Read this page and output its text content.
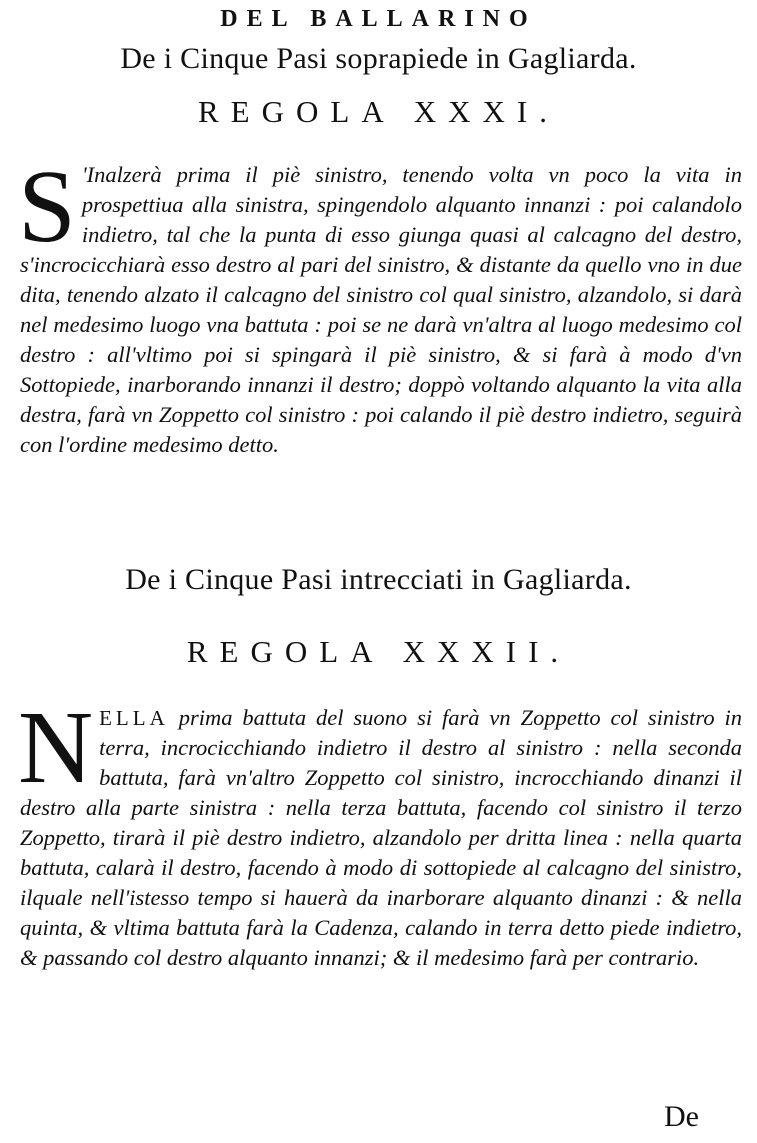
DEL BALLARINO
De i Cinque Pasi soprapiede in Gagliarda.
REGOLA XXXI.

S 'Inalzerà prima il piè sinistro, tenendo volta vn poco la vita in prospettiua alla sinistra, spingendolo alquanto innanzi : poi calandolo indietro, tal che la punta di esso giunga quasi al calcagno del destro, s'incrocicchiarà esso destro al pari del sinistro, & distante da quello vno in due dita, tenendo alzato il calcagno del sinistro col qual sinistro, alzandolo, si darà nel medesimo luogo vna battuta : poi se ne darà vn'altra al luogo medesimo col destro : all'vltimo poi si spingarà il piè sinistro, & si farà à modo d'vn Sottopiede, inarborando innanzi il destro; doppò voltando alquanto la vita alla destra, farà vn Zoppetto col sinistro : poi calando il piè destro indietro, seguirà con l'ordine medesimo detto.

De i Cinque Pasi intrecciati in Gagliarda.
REGOLA XXXII.

NELLA prima battuta del suono si farà vn Zoppetto col sinistro in terra, incrocicchiando indietro il destro al sinistro : nella seconda battuta, farà vn'altro Zoppetto col sinistro, incrocchiando dinanzi il destro alla parte sinistra : nella terza battuta, facendo col sinistro il terzo Zoppetto, tirarà il piè destro indietro, alzandolo per dritta linea : nella quarta battuta, calarà il destro, facendo à modo di sottopiede al calcagno del sinistro, ilquale nell'istesso tempo si hauerà da inarborare alquanto dinanzi : & nella quinta, & vltima battuta farà la Cadenza, calando in terra detto piede indietro, & passando col destro alquanto innanzi; & il medesimo farà per contrario.

De
